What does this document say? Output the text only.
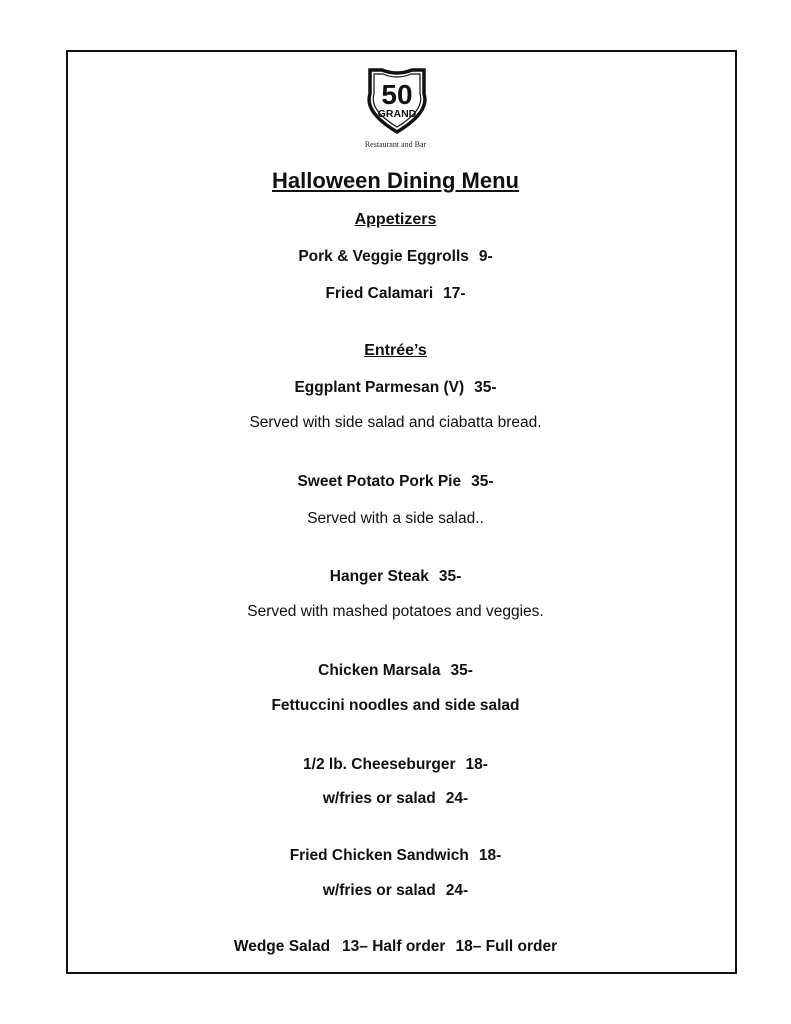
50
GRAND
Restaurant and Bar
Halloween Dining Menu
Appetizers
Pork & Veggie Eggrolls 9-
Fried Calamari 17-
Entrée’s
Eggplant Parmesan (V) 35-
Served with side salad and ciabatta bread.
Sweet Potato Pork Pie 35-
Served with a side salad..
Hanger Steak 35-
Served with mashed potatoes and veggies.
Chicken Marsala 35-
Fettuccini noodles and side salad
1/2 lb. Cheeseburger 18-
w/fries or salad 24-
Fried Chicken Sandwich 18-
w/fries or salad 24-
Wedge Salad 13– Half order 18– Full order
